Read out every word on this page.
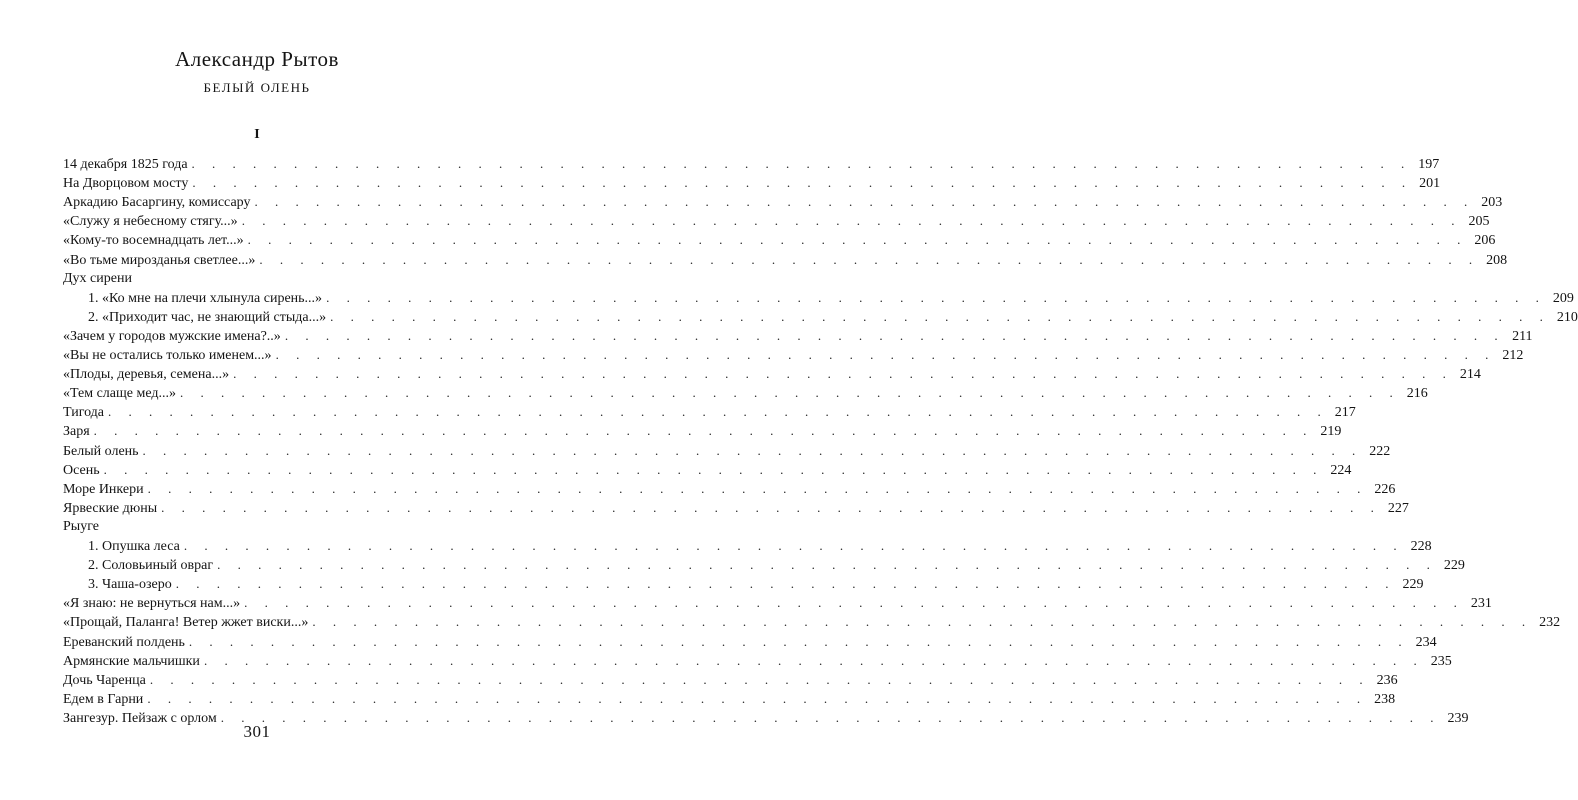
Александр Рытов
БЕЛЫЙ ОЛЕНЬ
I
14 декабря 1825 года . . . . . . . . . . . . . . . . . . . . . . . . . . . . . . . . . . . . . . . . . . . . . . . . . . . . . . . . . . . . 197
На Дворцовом мосту . . . . . . . . . . . . . . . . . . . . . . . . . . . . . . . . . . . . . . . . . . . . . . . . . . . . . . . . . . . . 201
Аркадию Басаргину, комиссару . . . . . . . . . . . . . . . . . . . . . . . . . . . . . . . . . . . . . . . . . . . . . . . . . . . . . . . . . . . . 203
«Служу я небесному стягу...» . . . . . . . . . . . . . . . . . . . . . . . . . . . . . . . . . . . . . . . . . . . . . . . . . . . . . . . . . . . . 205
«Кому-то восемнадцать лет...» . . . . . . . . . . . . . . . . . . . . . . . . . . . . . . . . . . . . . . . . . . . . . . . . . . . . . . . . . . . . 206
«Во тьме мирозданья светлее...» . . . . . . . . . . . . . . . . . . . . . . . . . . . . . . . . . . . . . . . . . . . . . . . . . . . . . . . . . . . . 208
Дух сирени
1. «Ко мне на плечи хлынула сирень...» . . . . . . . . . . . . . . . . . . . . . . . . . . . . . . . . . . . . . . . . . . . . . . . . . . . . . . . . . . . . 209
2. «Приходит час, не знающий стыда...» . . . . . . . . . . . . . . . . . . . . . . . . . . . . . . . . . . . . . . . . . . . . . . . . . . . . . . . . . . . . 210
«Зачем у городов мужские имена?..» . . . . . . . . . . . . . . . . . . . . . . . . . . . . . . . . . . . . . . . . . . . . . . . . . . . . . . . . . . . . 211
«Вы не остались только именем...» . . . . . . . . . . . . . . . . . . . . . . . . . . . . . . . . . . . . . . . . . . . . . . . . . . . . . . . . . . . . 212
«Плоды, деревья, семена...» . . . . . . . . . . . . . . . . . . . . . . . . . . . . . . . . . . . . . . . . . . . . . . . . . . . . . . . . . . . . 214
«Тем слаще мед...» . . . . . . . . . . . . . . . . . . . . . . . . . . . . . . . . . . . . . . . . . . . . . . . . . . . . . . . . . . . . 216
Тигода . . . . . . . . . . . . . . . . . . . . . . . . . . . . . . . . . . . . . . . . . . . . . . . . . . . . . . . . . . . . 217
Заря . . . . . . . . . . . . . . . . . . . . . . . . . . . . . . . . . . . . . . . . . . . . . . . . . . . . . . . . . . . . 219
Белый олень . . . . . . . . . . . . . . . . . . . . . . . . . . . . . . . . . . . . . . . . . . . . . . . . . . . . . . . . . . . . 222
Осень . . . . . . . . . . . . . . . . . . . . . . . . . . . . . . . . . . . . . . . . . . . . . . . . . . . . . . . . . . . . 224
Море Инкери . . . . . . . . . . . . . . . . . . . . . . . . . . . . . . . . . . . . . . . . . . . . . . . . . . . . . . . . . . . . 226
Ярвеские дюны . . . . . . . . . . . . . . . . . . . . . . . . . . . . . . . . . . . . . . . . . . . . . . . . . . . . . . . . . . . . 227
Рыуге
1. Опушка леса . . . . . . . . . . . . . . . . . . . . . . . . . . . . . . . . . . . . . . . . . . . . . . . . . . . . . . . . . . . . 228
2. Соловьиный овраг . . . . . . . . . . . . . . . . . . . . . . . . . . . . . . . . . . . . . . . . . . . . . . . . . . . . . . . . . . . . 229
3. Чаша-озеро . . . . . . . . . . . . . . . . . . . . . . . . . . . . . . . . . . . . . . . . . . . . . . . . . . . . . . . . . . . . 229
«Я знаю: не вернуться нам...» . . . . . . . . . . . . . . . . . . . . . . . . . . . . . . . . . . . . . . . . . . . . . . . . . . . . . . . . . . . . 231
«Прощай, Паланга! Ветер жжет виски...» . . . . . . . . . . . . . . . . . . . . . . . . . . . . . . . . . . . . . . . . . . . . . . . . . . . . . . . . . . . . 232
Ереванский полдень . . . . . . . . . . . . . . . . . . . . . . . . . . . . . . . . . . . . . . . . . . . . . . . . . . . . . . . . . . . . 234
Армянские мальчишки . . . . . . . . . . . . . . . . . . . . . . . . . . . . . . . . . . . . . . . . . . . . . . . . . . . . . . . . . . . . 235
Дочь Чаренца . . . . . . . . . . . . . . . . . . . . . . . . . . . . . . . . . . . . . . . . . . . . . . . . . . . . . . . . . . . . 236
Едем в Гарни . . . . . . . . . . . . . . . . . . . . . . . . . . . . . . . . . . . . . . . . . . . . . . . . . . . . . . . . . . . . 238
Зангезур. Пейзаж с орлом . . . . . . . . . . . . . . . . . . . . . . . . . . . . . . . . . . . . . . . . . . . . . . . . . . . . . . . . . . . . 239
301
